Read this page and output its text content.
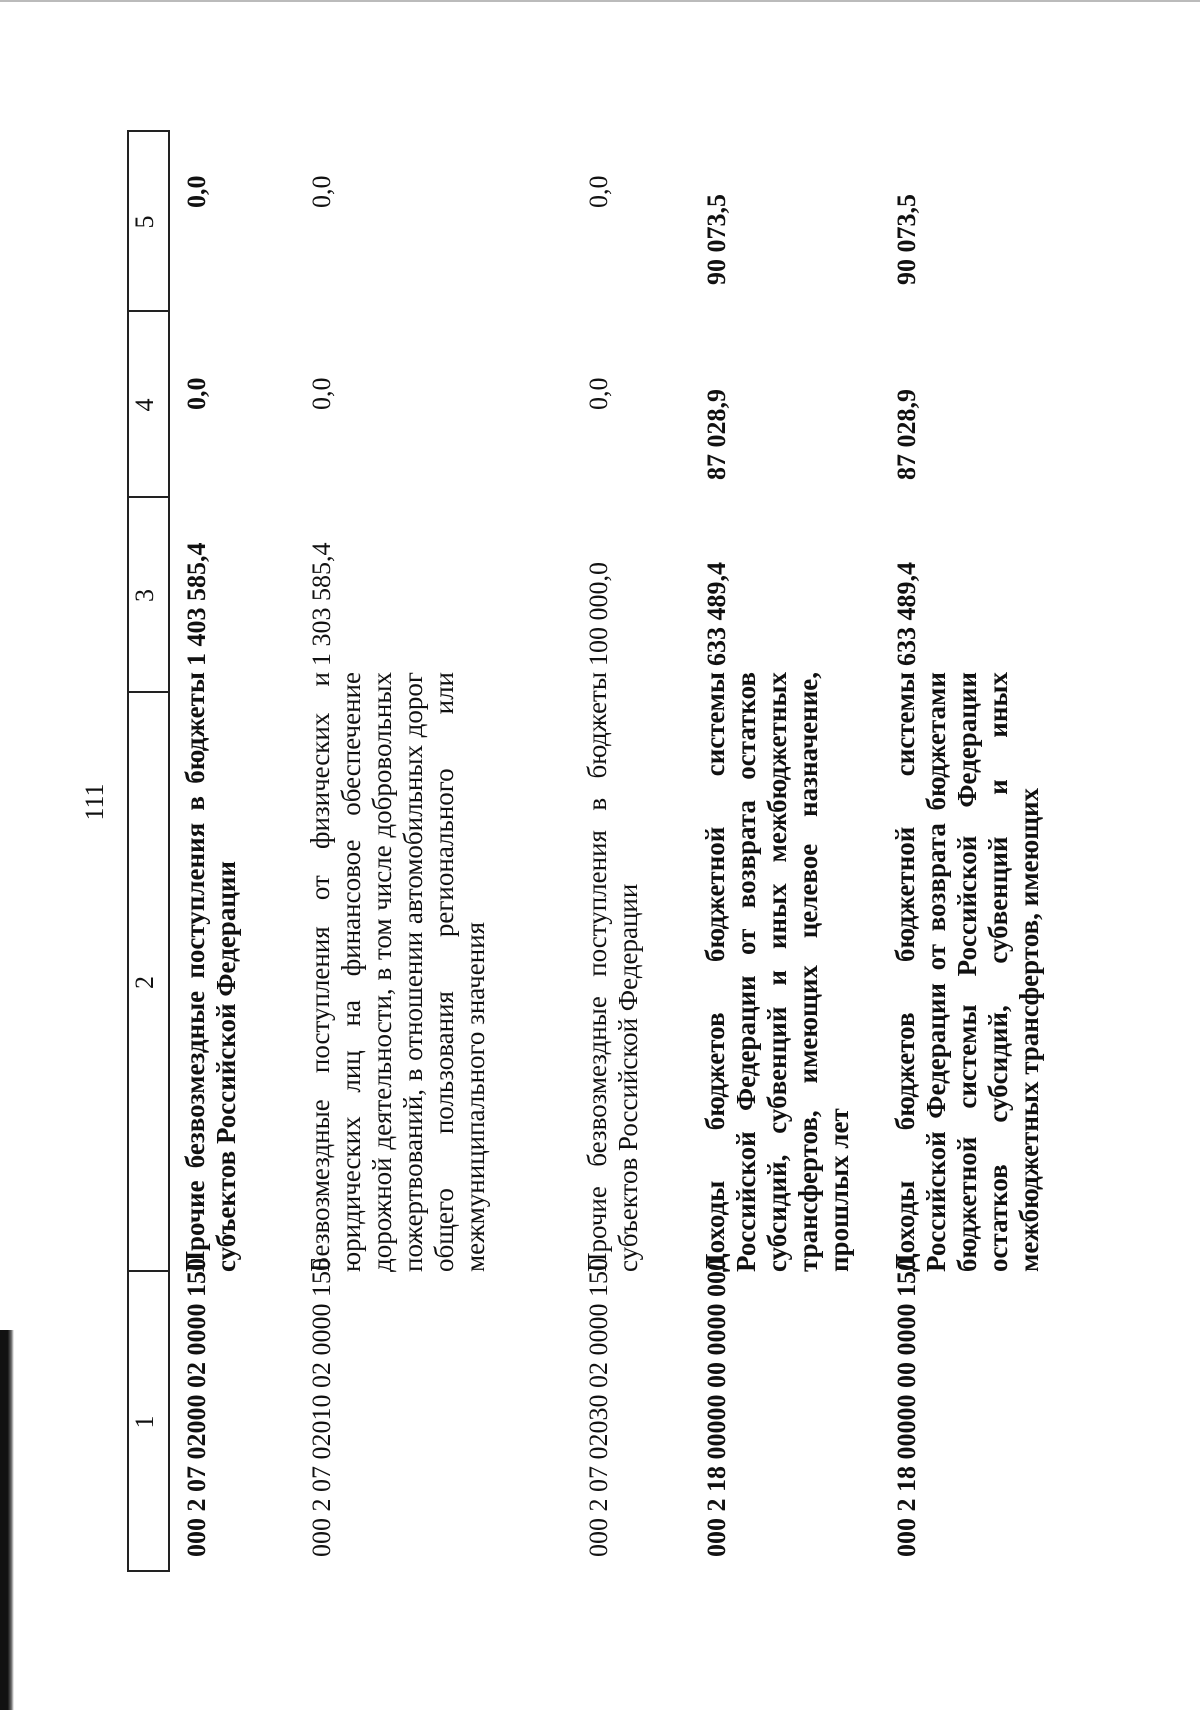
111
1
2
3
4
5
000 2 07 02000 02 0000 150
Прочие безвозмездные поступления в бюджеты субъектов Российской Федерации
1 403 585,4
0,0
0,0
000 2 07 02010 02 0000 150
Безвозмездные поступления от физических и юридических лиц на финансовое обеспечение дорожной деятельности, в том числе добровольных пожертвований, в отношении автомобильных дорог общего пользования регионального или межмуниципального значения
1 303 585,4
0,0
0,0
000 2 07 02030 02 0000 150
Прочие безвозмездные поступления в бюджеты субъектов Российской Федерации
100 000,0
0,0
0,0
000 2 18 00000 00 0000 000
Доходы бюджетов бюджетной системы Российской Федерации от возврата остатков субсидий, субвенций и иных межбюджетных трансфертов, имеющих целевое назначение, прошлых лет
633 489,4
87 028,9
90 073,5
000 2 18 00000 00 0000 150
Доходы бюджетов бюджетной системы Российской Федерации от возврата бюджетами бюджетной системы Российской Федерации остатков субсидий, субвенций и иных межбюджетных трансфертов, имеющих
633 489,4
87 028,9
90 073,5
